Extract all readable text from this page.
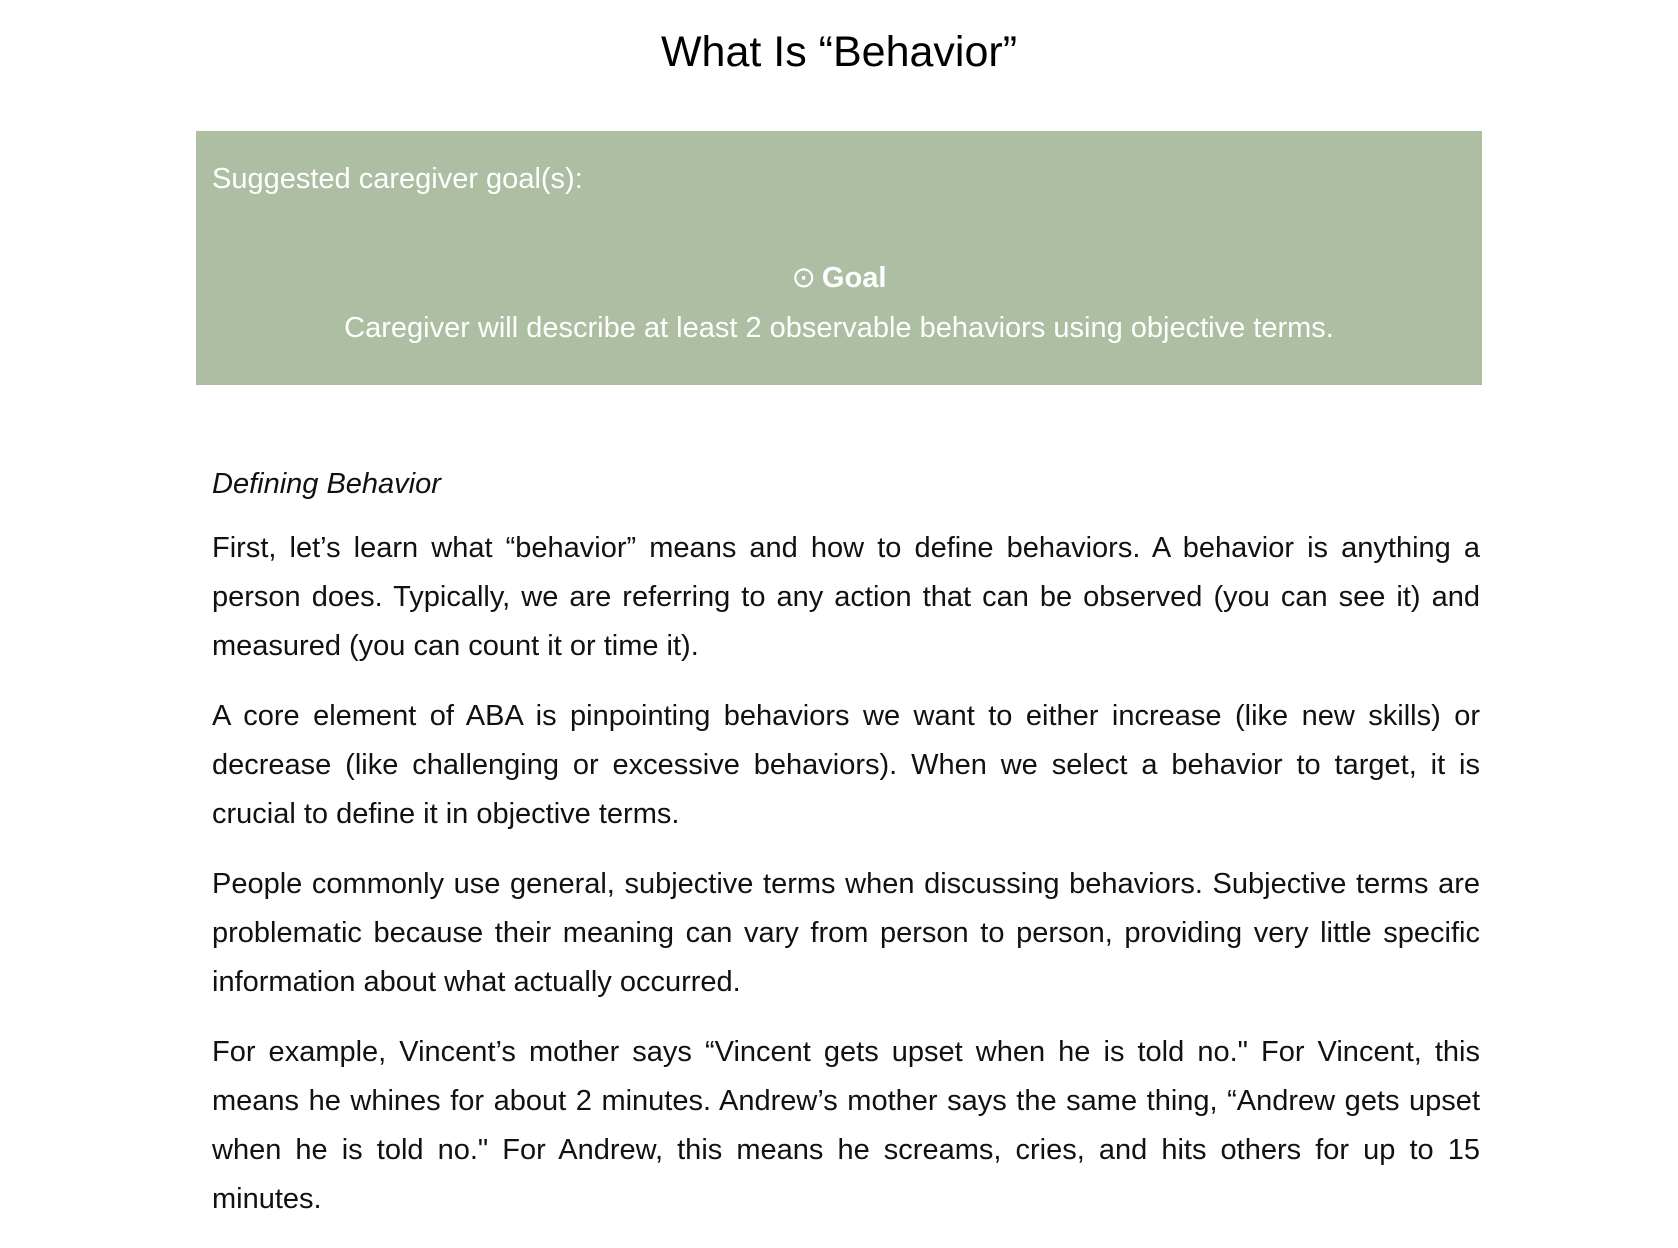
What Is “Behavior”
Suggested caregiver goal(s):
⊙ Goal
Caregiver will describe at least 2 observable behaviors using objective terms.

Defining Behavior

First, let’s learn what “behavior” means and how to define behaviors. A behavior is anything a person does. Typically, we are referring to any action that can be observed (you can see it) and measured (you can count it or time it).

A core element of ABA is pinpointing behaviors we want to either increase (like new skills) or decrease (like challenging or excessive behaviors). When we select a behavior to target, it is crucial to define it in objective terms.

People commonly use general, subjective terms when discussing behaviors. Subjective terms are problematic because their meaning can vary from person to person, providing very little specific information about what actually occurred.

For example, Vincent’s mother says “Vincent gets upset when he is told no." For Vincent, this means he whines for about 2 minutes. Andrew’s mother says the same thing, “Andrew gets upset when he is told no." For Andrew, this means he screams, cries, and hits others for up to 15 minutes.
